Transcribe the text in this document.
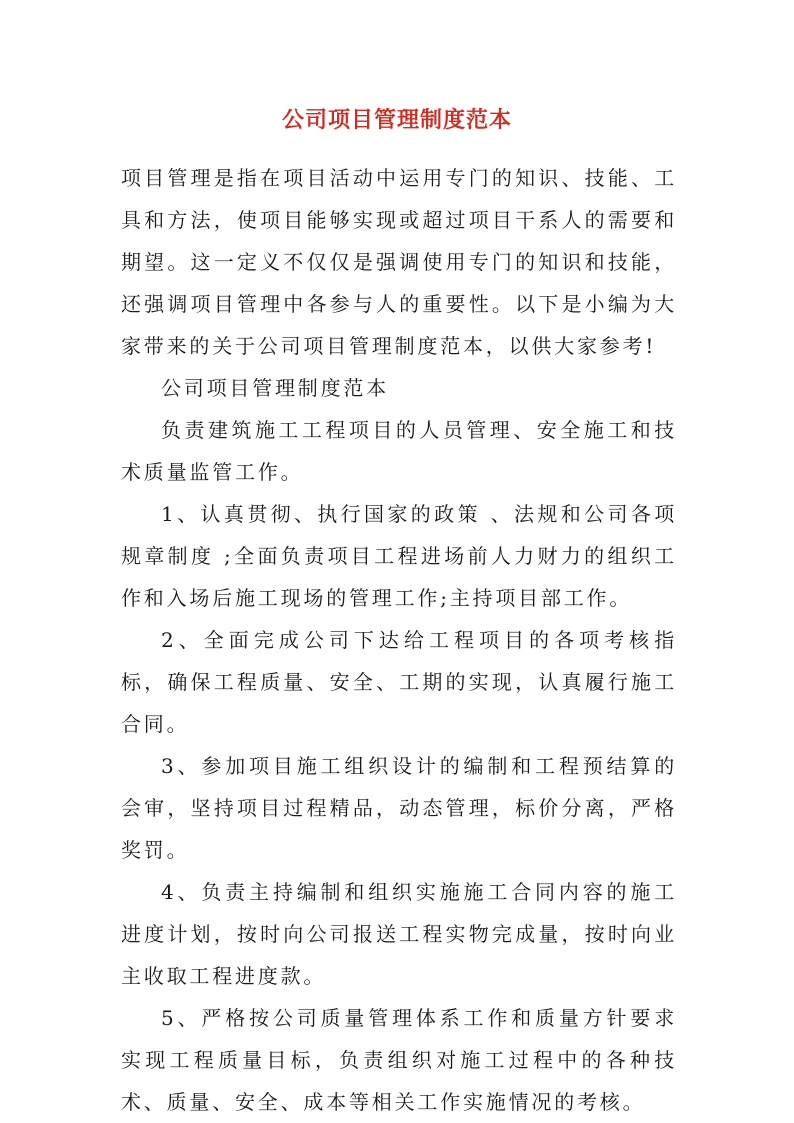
公司项目管理制度范本

项目管理是指在项目活动中运用专门的知识、技能、工具和方法，使项目能够实现或超过项目干系人的需要和期望。这一定义不仅仅是强调使用专门的知识和技能，还强调项目管理中各参与人的重要性。以下是小编为大家带来的关于公司项目管理制度范本，以供大家参考!

公司项目管理制度范本

负责建筑施工工程项目的人员管理、安全施工和技术质量监管工作。

1、认真贯彻、执行国家的政策 、法规和公司各项规章制度 ;全面负责项目工程进场前人力财力的组织工作和入场后施工现场的管理工作;主持项目部工作。

2、全面完成公司下达给工程项目的各项考核指标，确保工程质量、安全、工期的实现，认真履行施工合同。

3、参加项目施工组织设计的编制和工程预结算的会审，坚持项目过程精品，动态管理，标价分离，严格奖罚。

4、负责主持编制和组织实施施工合同内容的施工进度计划，按时向公司报送工程实物完成量，按时向业主收取工程进度款。

5、严格按公司质量管理体系工作和质量方针要求实现工程质量目标，负责组织对施工过程中的各种技术、质量、安全、成本等相关工作实施情况的考核。
